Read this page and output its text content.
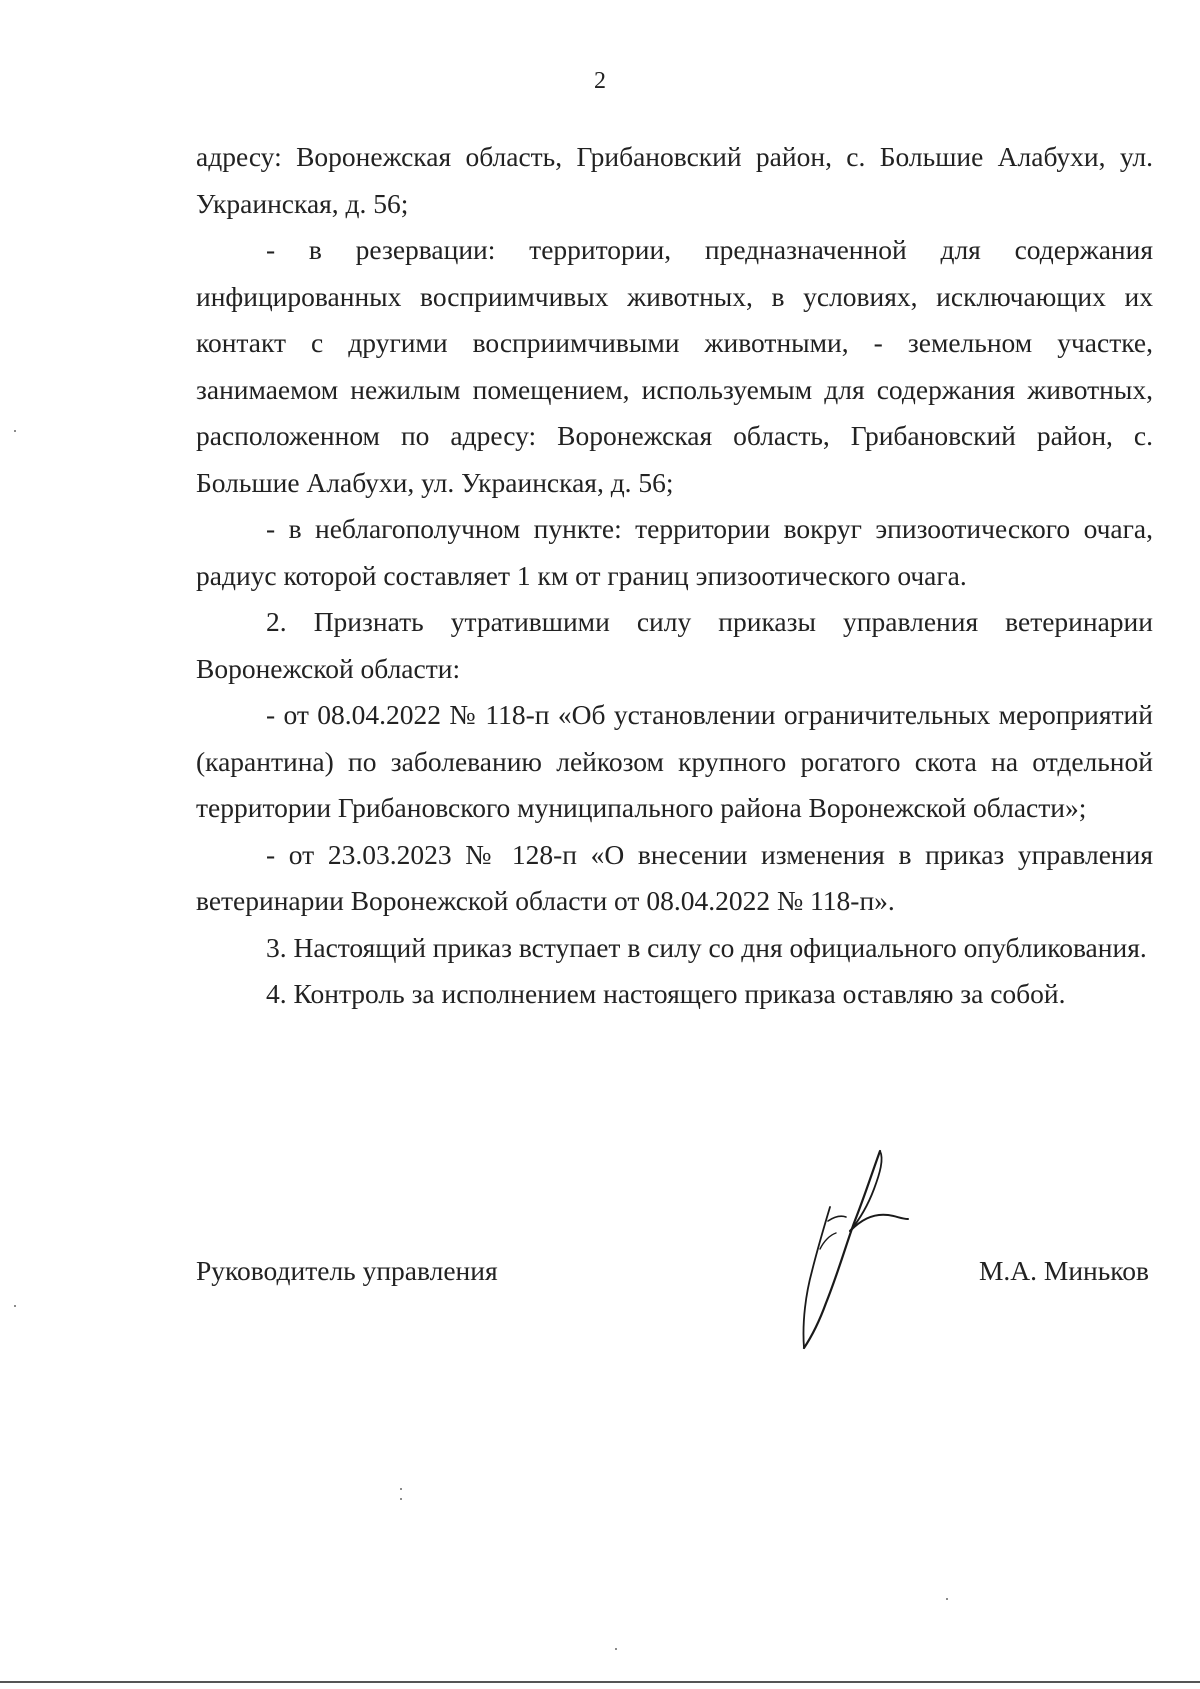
2

адресу: Воронежская область, Грибановский район, с. Большие Алабухи, ул. Украинская, д. 56;

- в резервации: территории, предназначенной для содержания инфицированных восприимчивых животных, в условиях, исключающих их контакт с другими восприимчивыми животными, - земельном участке, занимаемом нежилым помещением, используемым для содержания животных, расположенном по адресу: Воронежская область, Грибановский район, с. Большие Алабухи, ул. Украинская, д. 56;

- в неблагополучном пункте: территории вокруг эпизоотического очага, радиус которой составляет 1 км от границ эпизоотического очага.

2. Признать утратившими силу приказы управления ветеринарии Воронежской области:

- от 08.04.2022 № 118-п «Об установлении ограничительных мероприятий (карантина) по заболеванию лейкозом крупного рогатого скота на отдельной территории Грибановского муниципального района Воронежской области»;

- от 23.03.2023 № 128-п «О внесении изменения в приказ управления ветеринарии Воронежской области от 08.04.2022 № 118-п».

3. Настоящий приказ вступает в силу со дня официального опубликования.

4. Контроль за исполнением настоящего приказа оставляю за собой.

Руководитель управления	М.А. Миньков
